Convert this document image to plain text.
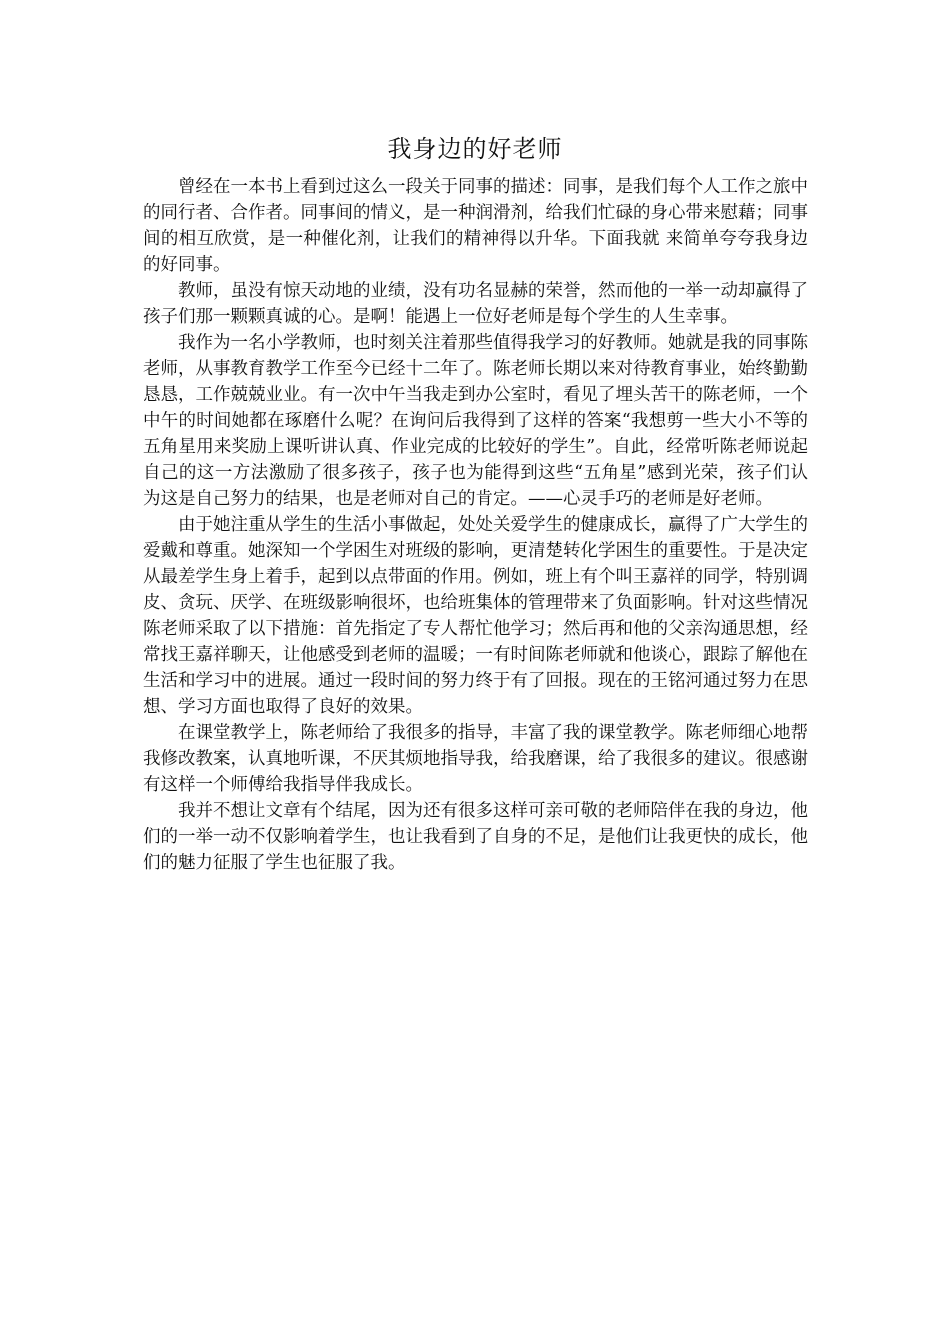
我身边的好老师

曾经在一本书上看到过这么一段关于同事的描述：同事，是我们每个人工作之旅中的同行者、合作者。同事间的情义，是一种润滑剂，给我们忙碌的身心带来慰藉；同事间的相互欣赏，是一种催化剂，让我们的精神得以升华。下面我就 来简单夸夸我身边的好同事。

教师，虽没有惊天动地的业绩，没有功名显赫的荣誉，然而他的一举一动却赢得了孩子们那一颗颗真诚的心。是啊！能遇上一位好老师是每个学生的人生幸事。

我作为一名小学教师，也时刻关注着那些值得我学习的好教师。她就是我的同事陈老师，从事教育教学工作至今已经十二年了。陈老师长期以来对待教育事业，始终勤勤恳恳，工作兢兢业业。有一次中午当我走到办公室时，看见了埋头苦干的陈老师，一个中午的时间她都在琢磨什么呢？在询问后我得到了这样的答案“我想剪一些大小不等的五角星用来奖励上课听讲认真、作业完成的比较好的学生”。自此，经常听陈老师说起自己的这一方法激励了很多孩子，孩子也为能得到这些“五角星”感到光荣，孩子们认为这是自己努力的结果，也是老师对自己的肯定。——心灵手巧的老师是好老师。

由于她注重从学生的生活小事做起，处处关爱学生的健康成长，赢得了广大学生的爱戴和尊重。她深知一个学困生对班级的影响，更清楚转化学困生的重要性。于是决定从最差学生身上着手，起到以点带面的作用。例如，班上有个叫王嘉祥的同学，特别调皮、贪玩、厌学、在班级影响很坏，也给班集体的管理带来了负面影响。针对这些情况陈老师采取了以下措施：首先指定了专人帮忙他学习；然后再和他的父亲沟通思想，经常找王嘉祥聊天，让他感受到老师的温暖；一有时间陈老师就和他谈心，跟踪了解他在生活和学习中的进展。通过一段时间的努力终于有了回报。现在的王铭河通过努力在思想、学习方面也取得了良好的效果。

在课堂教学上，陈老师给了我很多的指导，丰富了我的课堂教学。陈老师细心地帮我修改教案，认真地听课，不厌其烦地指导我，给我磨课，给了我很多的建议。很感谢有这样一个师傅给我指导伴我成长。

我并不想让文章有个结尾，因为还有很多这样可亲可敬的老师陪伴在我的身边，他们的一举一动不仅影响着学生，也让我看到了自身的不足，是他们让我更快的成长，他们的魅力征服了学生也征服了我。
